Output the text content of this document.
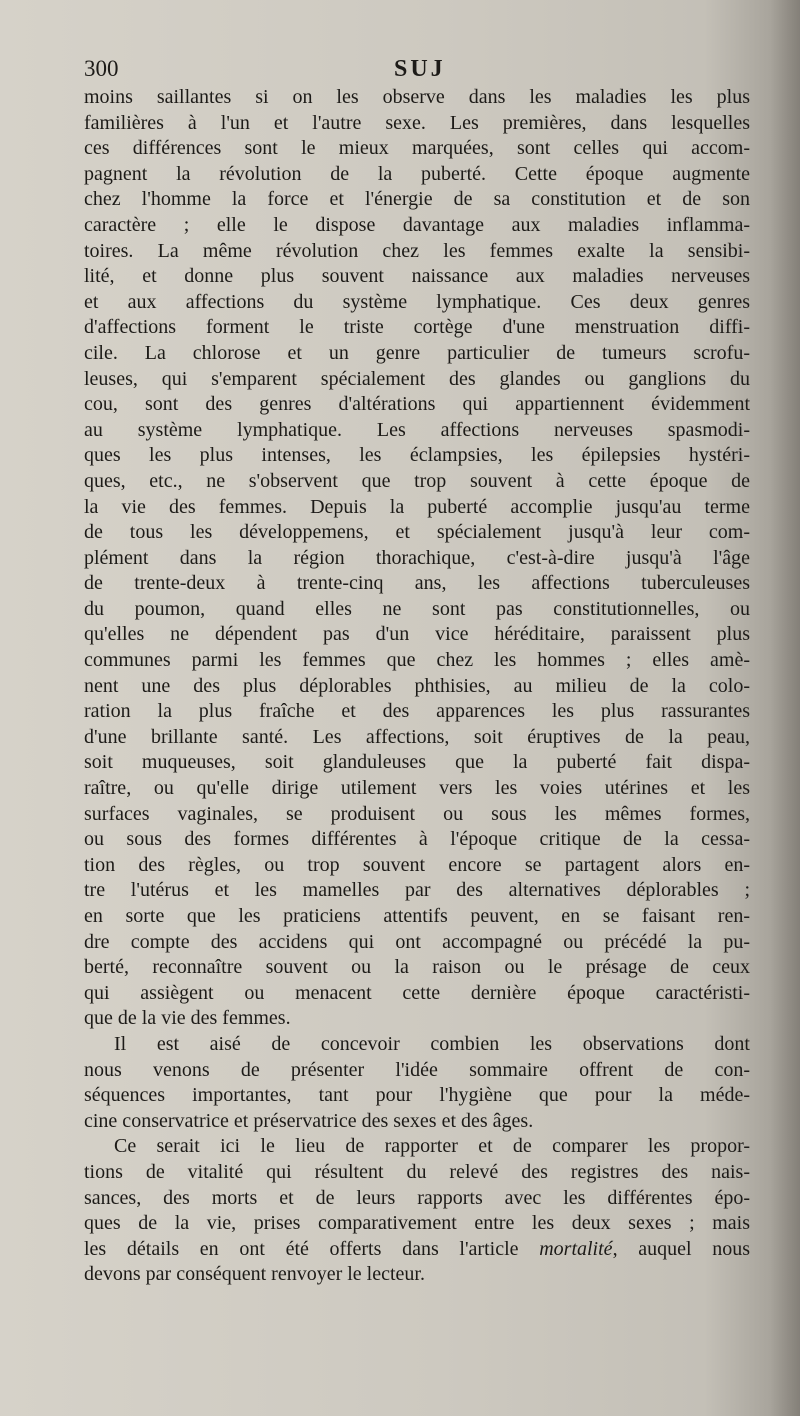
300	SUJ
moins saillantes si on les observe dans les maladies les plus
familières à l'un et l'autre sexe. Les premières, dans lesquelles
ces différences sont le mieux marquées, sont celles qui accom-
pagnent la révolution de la puberté. Cette époque augmente
chez l'homme la force et l'énergie de sa constitution et de son
caractère ; elle le dispose davantage aux maladies inflamma-
toires. La même révolution chez les femmes exalte la sensibi-
lité, et donne plus souvent naissance aux maladies nerveuses
et aux affections du système lymphatique. Ces deux genres
d'affections forment le triste cortège d'une menstruation diffi-
cile. La chlorose et un genre particulier de tumeurs scrofu-
leuses, qui s'emparent spécialement des glandes ou ganglions du
cou, sont des genres d'altérations qui appartiennent évidemment
au système lymphatique. Les affections nerveuses spasmodi-
ques les plus intenses, les éclampsies, les épilepsies hystéri-
ques, etc., ne s'observent que trop souvent à cette époque de
la vie des femmes. Depuis la puberté accomplie jusqu'au terme
de tous les développemens, et spécialement jusqu'à leur com-
plément dans la région thorachique, c'est-à-dire jusqu'à l'âge
de trente-deux à trente-cinq ans, les affections tuberculeuses
du poumon, quand elles ne sont pas constitutionnelles, ou
qu'elles ne dépendent pas d'un vice héréditaire, paraissent plus
communes parmi les femmes que chez les hommes ; elles amè-
nent une des plus déplorables phthisies, au milieu de la colo-
ration la plus fraîche et des apparences les plus rassurantes
d'une brillante santé. Les affections, soit éruptives de la peau,
soit muqueuses, soit glanduleuses que la puberté fait dispa-
raître, ou qu'elle dirige utilement vers les voies utérines et les
surfaces vaginales, se produisent ou sous les mêmes formes,
ou sous des formes différentes à l'époque critique de la cessa-
tion des règles, ou trop souvent encore se partagent alors en-
tre l'utérus et les mamelles par des alternatives déplorables ;
en sorte que les praticiens attentifs peuvent, en se faisant ren-
dre compte des accidens qui ont accompagné ou précédé la pu-
berté, reconnaître souvent ou la raison ou le présage de ceux
qui assiègent ou menacent cette dernière époque caractéristi-
que de la vie des femmes.
Il est aisé de concevoir combien les observations dont
nous venons de présenter l'idée sommaire offrent de con-
séquences importantes, tant pour l'hygiène que pour la méde-
cine conservatrice et préservatrice des sexes et des âges.
Ce serait ici le lieu de rapporter et de comparer les propor-
tions de vitalité qui résultent du relevé des registres des nais-
sances, des morts et de leurs rapports avec les différentes épo-
ques de la vie, prises comparativement entre les deux sexes ; mais
les détails en ont été offerts dans l'article mortalité, auquel nous
devons par conséquent renvoyer le lecteur.
